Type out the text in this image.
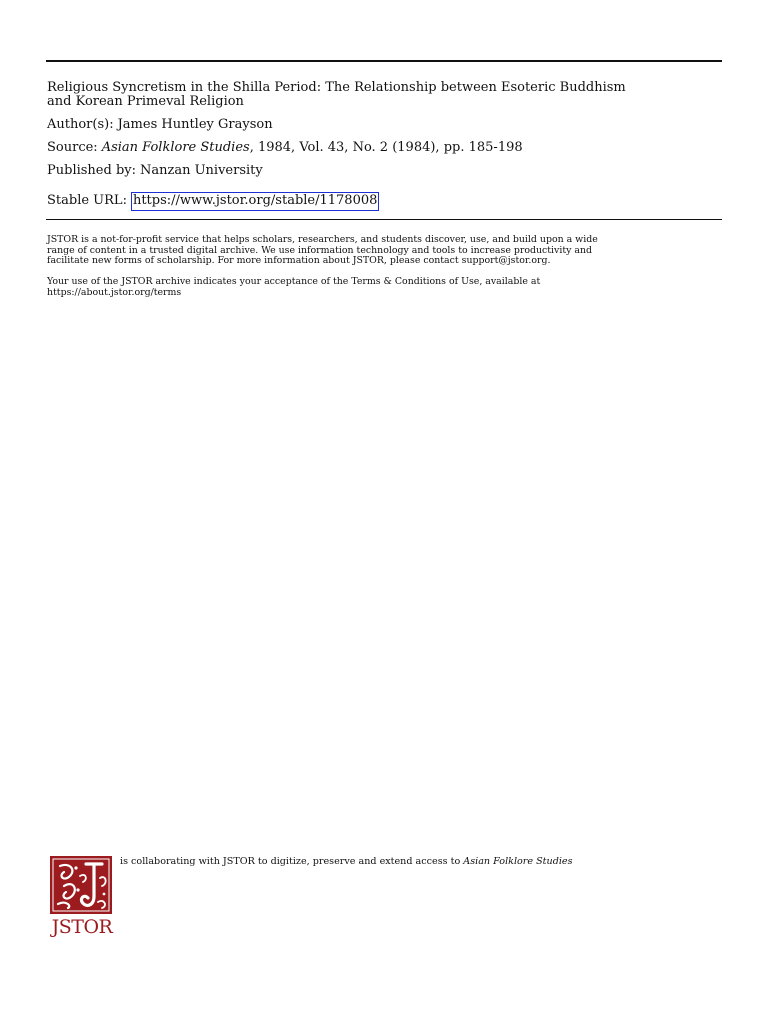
Religious Syncretism in the Shilla Period: The Relationship between Esoteric Buddhism
and Korean Primeval Religion
Author(s): James Huntley Grayson
Source: Asian Folklore Studies, 1984, Vol. 43, No. 2 (1984), pp. 185-198
Published by: Nanzan University
Stable URL: https://www.jstor.org/stable/1178008
JSTOR is a not-for-profit service that helps scholars, researchers, and students discover, use, and build upon a wide
range of content in a trusted digital archive. We use information technology and tools to increase productivity and
facilitate new forms of scholarship. For more information about JSTOR, please contact support@jstor.org.
Your use of the JSTOR archive indicates your acceptance of the Terms & Conditions of Use, available at
https://about.jstor.org/terms
JSTOR
is collaborating with JSTOR to digitize, preserve and extend access to Asian Folklore Studies
